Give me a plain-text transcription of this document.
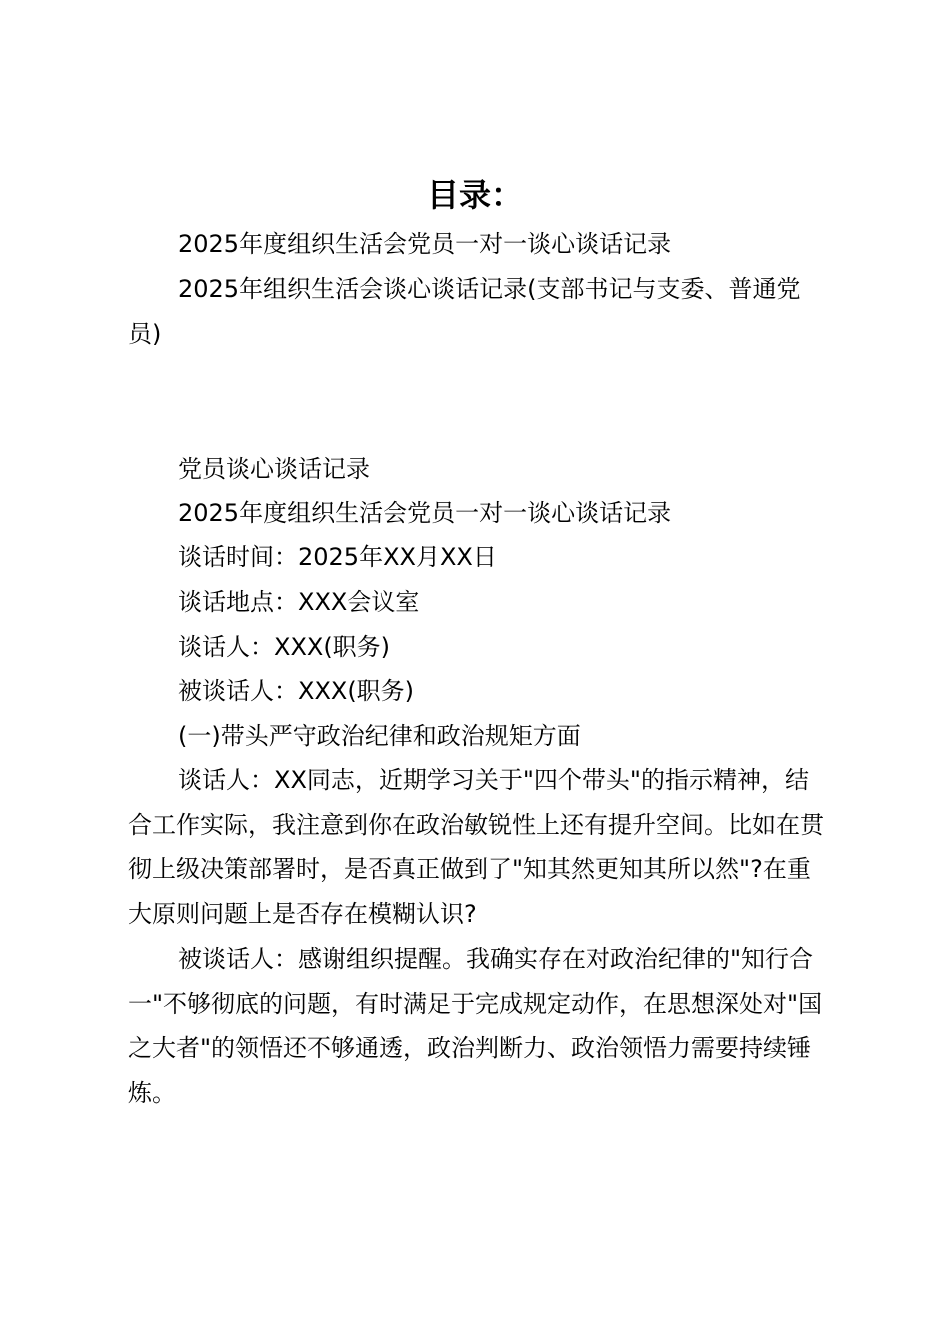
目录：

2025年度组织生活会党员一对一谈心谈话记录

2025年组织生活会谈心谈话记录(支部书记与支委、普通党员)

党员谈心谈话记录

2025年度组织生活会党员一对一谈心谈话记录

谈话时间：2025年XX月XX日

谈话地点：XXX会议室

谈话人：XXX(职务)

被谈话人：XXX(职务)

(一)带头严守政治纪律和政治规矩方面

谈话人：XX同志，近期学习关于"四个带头"的指示精神，结合工作实际，我注意到你在政治敏锐性上还有提升空间。比如在贯彻上级决策部署时，是否真正做到了"知其然更知其所以然"?在重大原则问题上是否存在模糊认识?

被谈话人：感谢组织提醒。我确实存在对政治纪律的"知行合一"不够彻底的问题，有时满足于完成规定动作，在思想深处对"国之大者"的领悟还不够通透，政治判断力、政治领悟力需要持续锤炼。
